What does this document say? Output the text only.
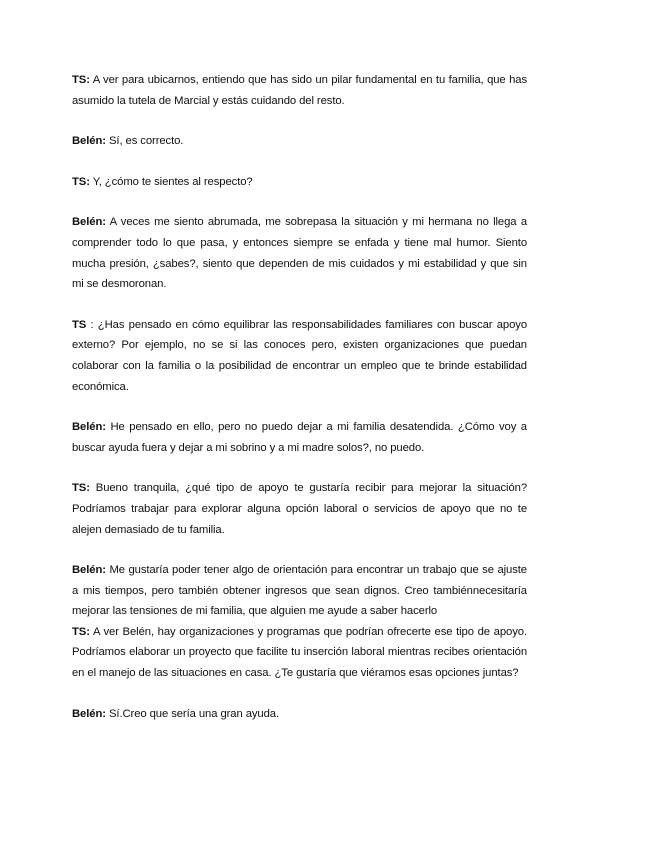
TS: A ver para ubicarnos, entiendo que has sido un pilar fundamental en tu familia, que has asumido la tutela de Marcial y estás cuidando del resto.

Belén: Sí, es correcto.

TS: Y, ¿cómo te sientes al respecto?

Belén: A veces me siento abrumada, me sobrepasa la situación y mi hermana no llega a comprender todo lo que pasa, y entonces siempre se enfada y tiene mal humor. Siento mucha presión, ¿sabes?, siento que dependen de mis cuidados y mi estabilidad y que sin mi se desmoronan.

TS : ¿Has pensado en cómo equilibrar las responsabilidades familiares con buscar apoyo externo? Por ejemplo, no se si las conoces pero, existen organizaciones que puedan colaborar con la familia o la posibilidad de encontrar un empleo que te brinde estabilidad económica.

Belén: He pensado en ello, pero no puedo dejar a mi familia desatendida. ¿Cómo voy a buscar ayuda fuera y dejar a mi sobrino y a mi madre solos?, no puedo.

TS: Bueno tranquila, ¿qué tipo de apoyo te gustaría recibir para mejorar la situación? Podríamos trabajar para explorar alguna opción laboral o servicios de apoyo que no te alejen demasiado de tu familia.

Belén: Me gustaría poder tener algo de orientación para encontrar un trabajo que se ajuste a mis tiempos, pero también obtener ingresos que sean dignos. Creo tambiénnecesitaría mejorar las tensiones de mi familia, que alguien me ayude a saber hacerlo

TS: A ver Belén, hay organizaciones y programas que podrían ofrecerte ese tipo de apoyo. Podríamos elaborar un proyecto que facilite tu inserción laboral mientras recibes orientación en el manejo de las situaciones en casa. ¿Te gustaría que viéramos esas opciones juntas?

Belén: Sí.Creo que sería una gran ayuda.
